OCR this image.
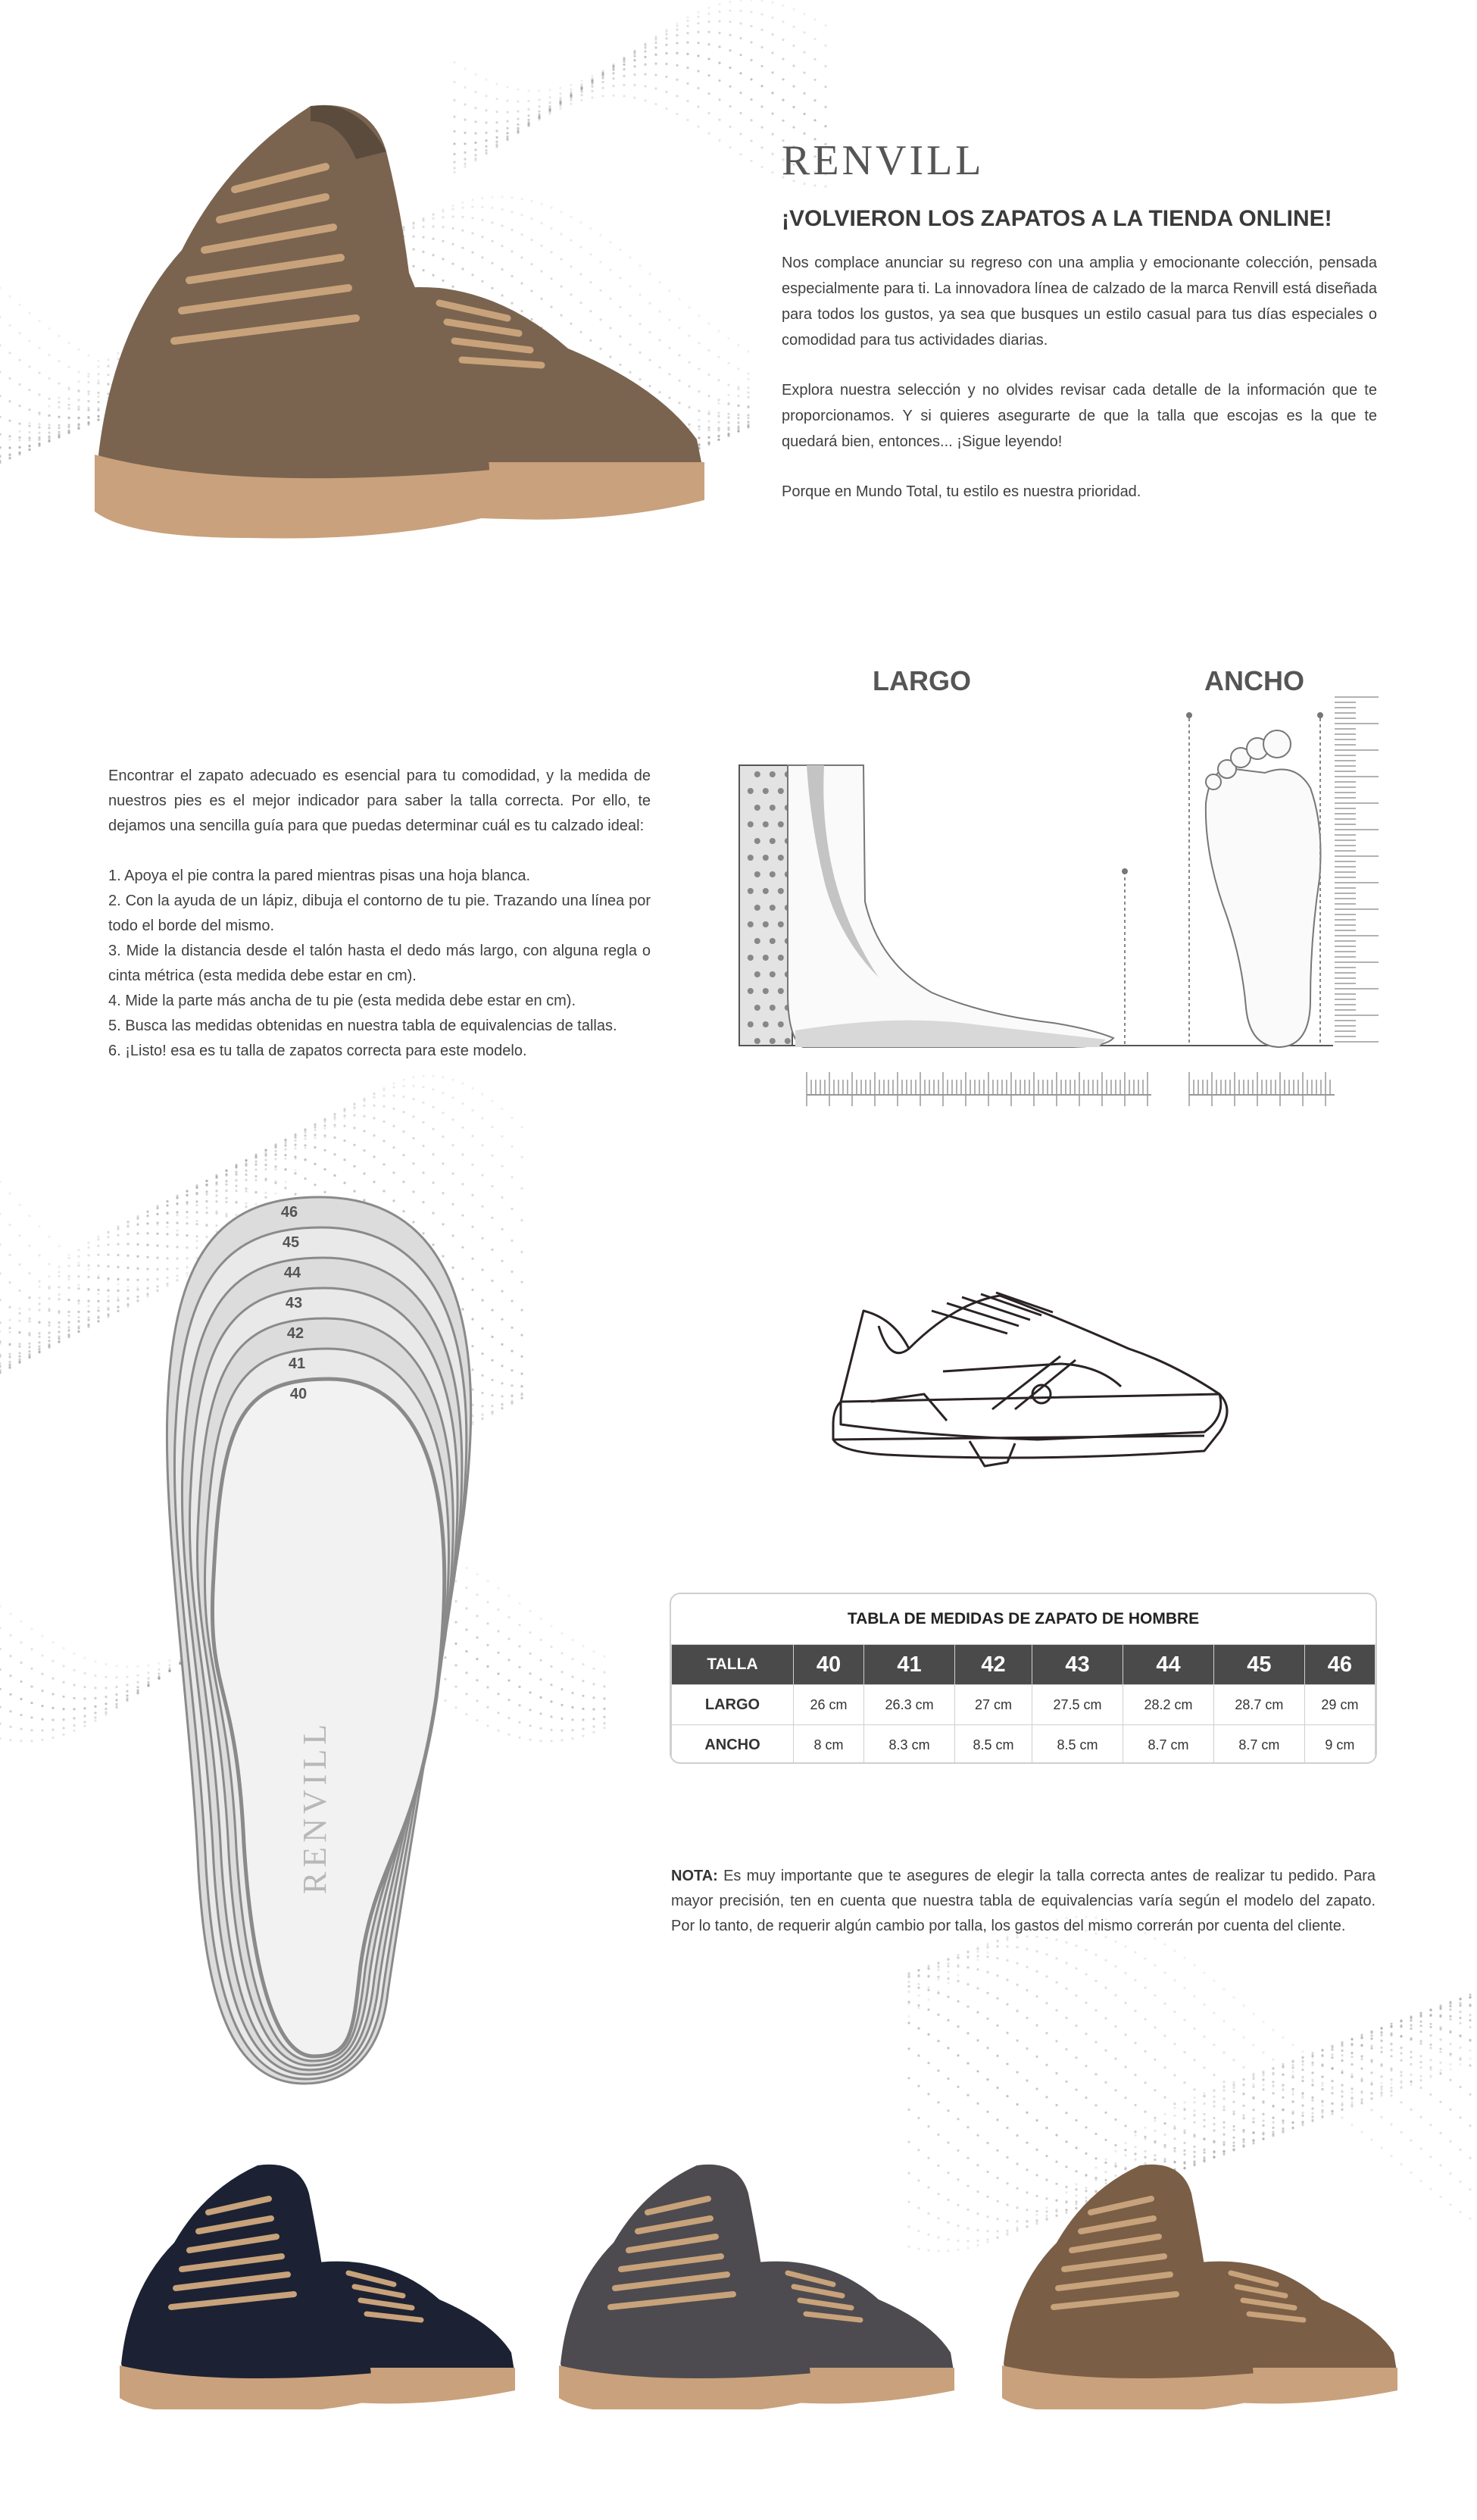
RENVILL
¡VOLVIERON LOS ZAPATOS A LA TIENDA ONLINE!

Nos complace anunciar su regreso con una amplia y emocionante colección, pensada especialmente para ti. La innovadora línea de calzado de la marca Renvill está diseñada para todos los gustos, ya sea que busques un estilo casual para tus días especiales o comodidad para tus actividades diarias.

Explora nuestra selección y no olvides revisar cada detalle de la información que te proporcionamos. Y si quieres asegurarte de que la talla que escojas es la que te quedará bien, entonces... ¡Sigue leyendo!

Porque en Mundo Total, tu estilo es nuestra prioridad.

Encontrar el zapato adecuado es esencial para tu comodidad, y la medida de nuestros pies es el mejor indicador para saber la talla correcta. Por ello, te dejamos una sencilla guía para que puedas determinar cuál es tu calzado ideal:

1. Apoya el pie contra la pared mientras pisas una hoja blanca.

2. Con la ayuda de un lápiz, dibuja el contorno de tu pie. Trazando una línea por todo el borde del mismo.

3. Mide la distancia desde el talón hasta el dedo más largo, con alguna regla o cinta métrica (esta medida debe estar en cm).

4. Mide la parte más ancha de tu pie (esta medida debe estar en cm).

5. Busca las medidas obtenidas en nuestra tabla de equivalencias de tallas.

6. ¡Listo! esa es tu talla de zapatos correcta para este modelo.

LARGO	ANCHO
46
45
44
43
42
41
40
RENVILL
TABLA DE MEDIDAS DE ZAPATO DE HOMBRE
TALLA	40	41	42	43	44	45	46
LARGO	26 cm	26.3 cm	27 cm	27.5 cm	28.2 cm	28.7 cm	29 cm
ANCHO	8 cm	8.3 cm	8.5 cm	8.5 cm	8.7 cm	8.7 cm	9 cm
NOTA: Es muy importante que te asegures de elegir la talla correcta antes de realizar tu pedido. Para mayor precisión, ten en cuenta que nuestra tabla de equivalencias varía según el modelo del zapato. Por lo tanto, de requerir algún cambio por talla, los gastos del mismo correrán por cuenta del cliente.
